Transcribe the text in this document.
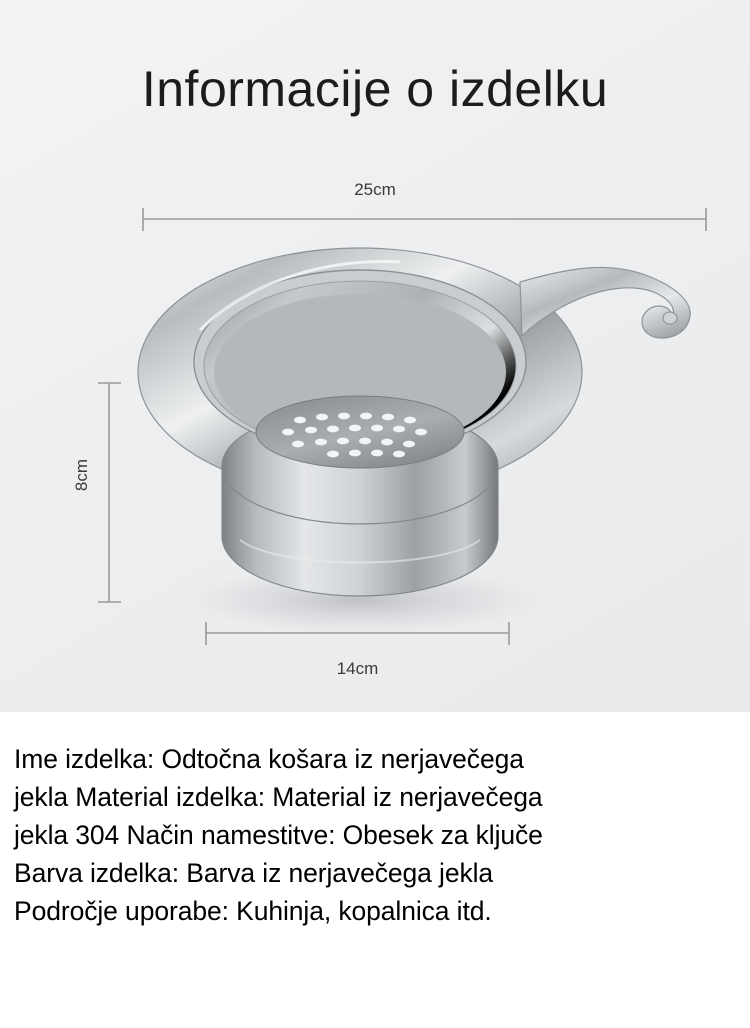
Informacije o izdelku
25cm
8cm
14cm

Ime izdelka: Odtočna košara iz nerjavečega

jekla Material izdelka: Material iz nerjavečega

jekla 304 Način namestitve: Obesek za ključe

Barva izdelka: Barva iz nerjavečega jekla

Področje uporabe: Kuhinja, kopalnica itd.
